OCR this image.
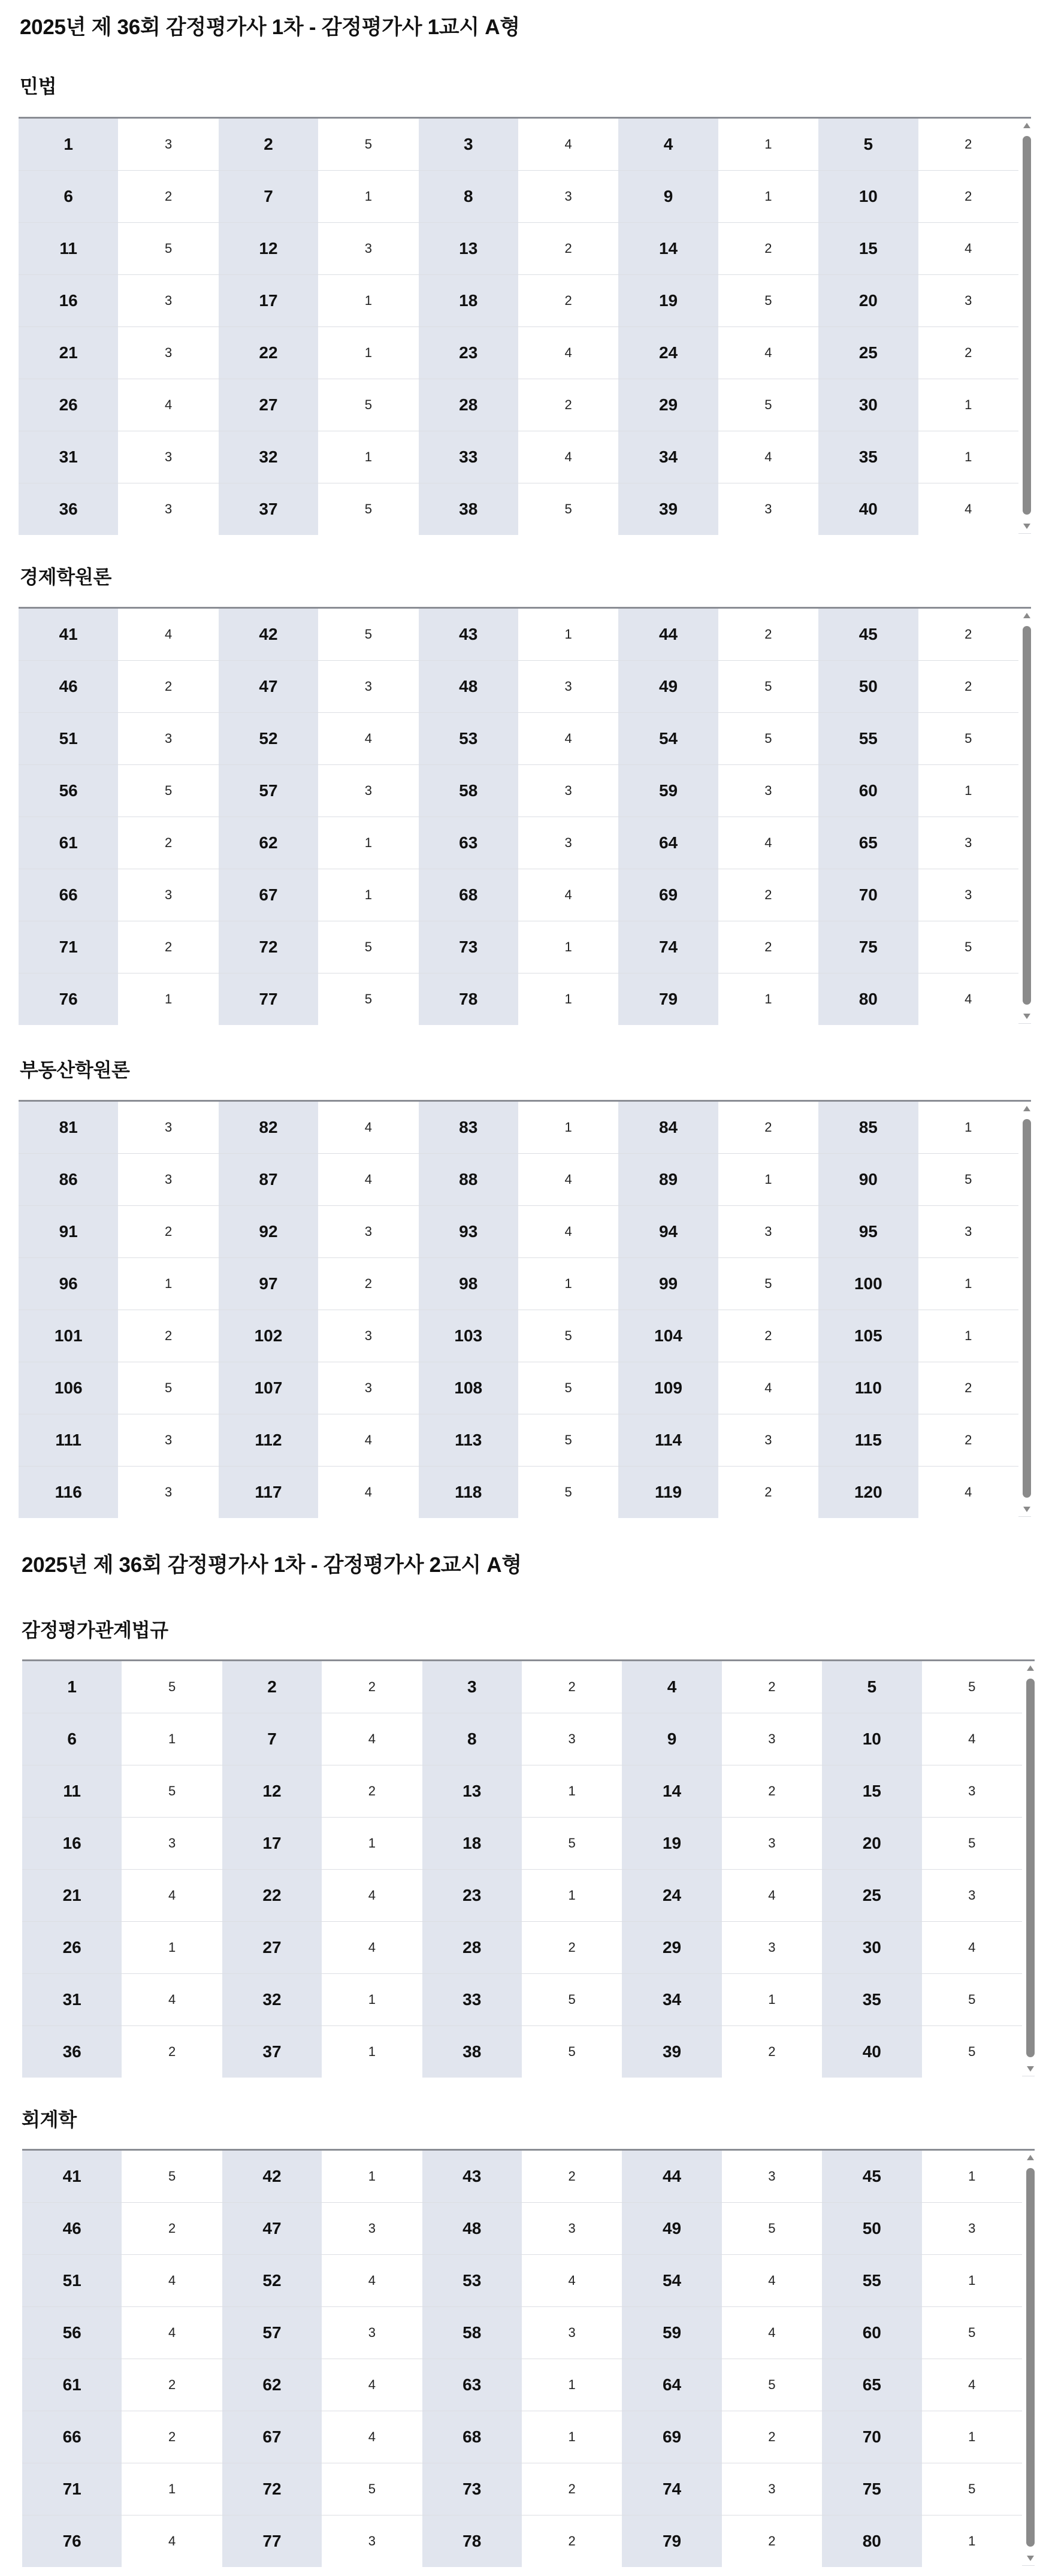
2025년 제 36회 감정평가사 1차 - 감정평가사 1교시 A형
민법
1	3	2	5	3	4	4	1	5	2
6	2	7	1	8	3	9	1	10	2
11	5	12	3	13	2	14	2	15	4
16	3	17	1	18	2	19	5	20	3
21	3	22	1	23	4	24	4	25	2
26	4	27	5	28	2	29	5	30	1
31	3	32	1	33	4	34	4	35	1
36	3	37	5	38	5	39	3	40	4
경제학원론
41	4	42	5	43	1	44	2	45	2
46	2	47	3	48	3	49	5	50	2
51	3	52	4	53	4	54	5	55	5
56	5	57	3	58	3	59	3	60	1
61	2	62	1	63	3	64	4	65	3
66	3	67	1	68	4	69	2	70	3
71	2	72	5	73	1	74	2	75	5
76	1	77	5	78	1	79	1	80	4
부동산학원론
81	3	82	4	83	1	84	2	85	1
86	3	87	4	88	4	89	1	90	5
91	2	92	3	93	4	94	3	95	3
96	1	97	2	98	1	99	5	100	1
101	2	102	3	103	5	104	2	105	1
106	5	107	3	108	5	109	4	110	2
111	3	112	4	113	5	114	3	115	2
116	3	117	4	118	5	119	2	120	4
2025년 제 36회 감정평가사 1차 - 감정평가사 2교시 A형
감정평가관계법규
1	5	2	2	3	2	4	2	5	5
6	1	7	4	8	3	9	3	10	4
11	5	12	2	13	1	14	2	15	3
16	3	17	1	18	5	19	3	20	5
21	4	22	4	23	1	24	4	25	3
26	1	27	4	28	2	29	3	30	4
31	4	32	1	33	5	34	1	35	5
36	2	37	1	38	5	39	2	40	5
회계학
41	5	42	1	43	2	44	3	45	1
46	2	47	3	48	3	49	5	50	3
51	4	52	4	53	4	54	4	55	1
56	4	57	3	58	3	59	4	60	5
61	2	62	4	63	1	64	5	65	4
66	2	67	4	68	1	69	2	70	1
71	1	72	5	73	2	74	3	75	5
76	4	77	3	78	2	79	2	80	1
